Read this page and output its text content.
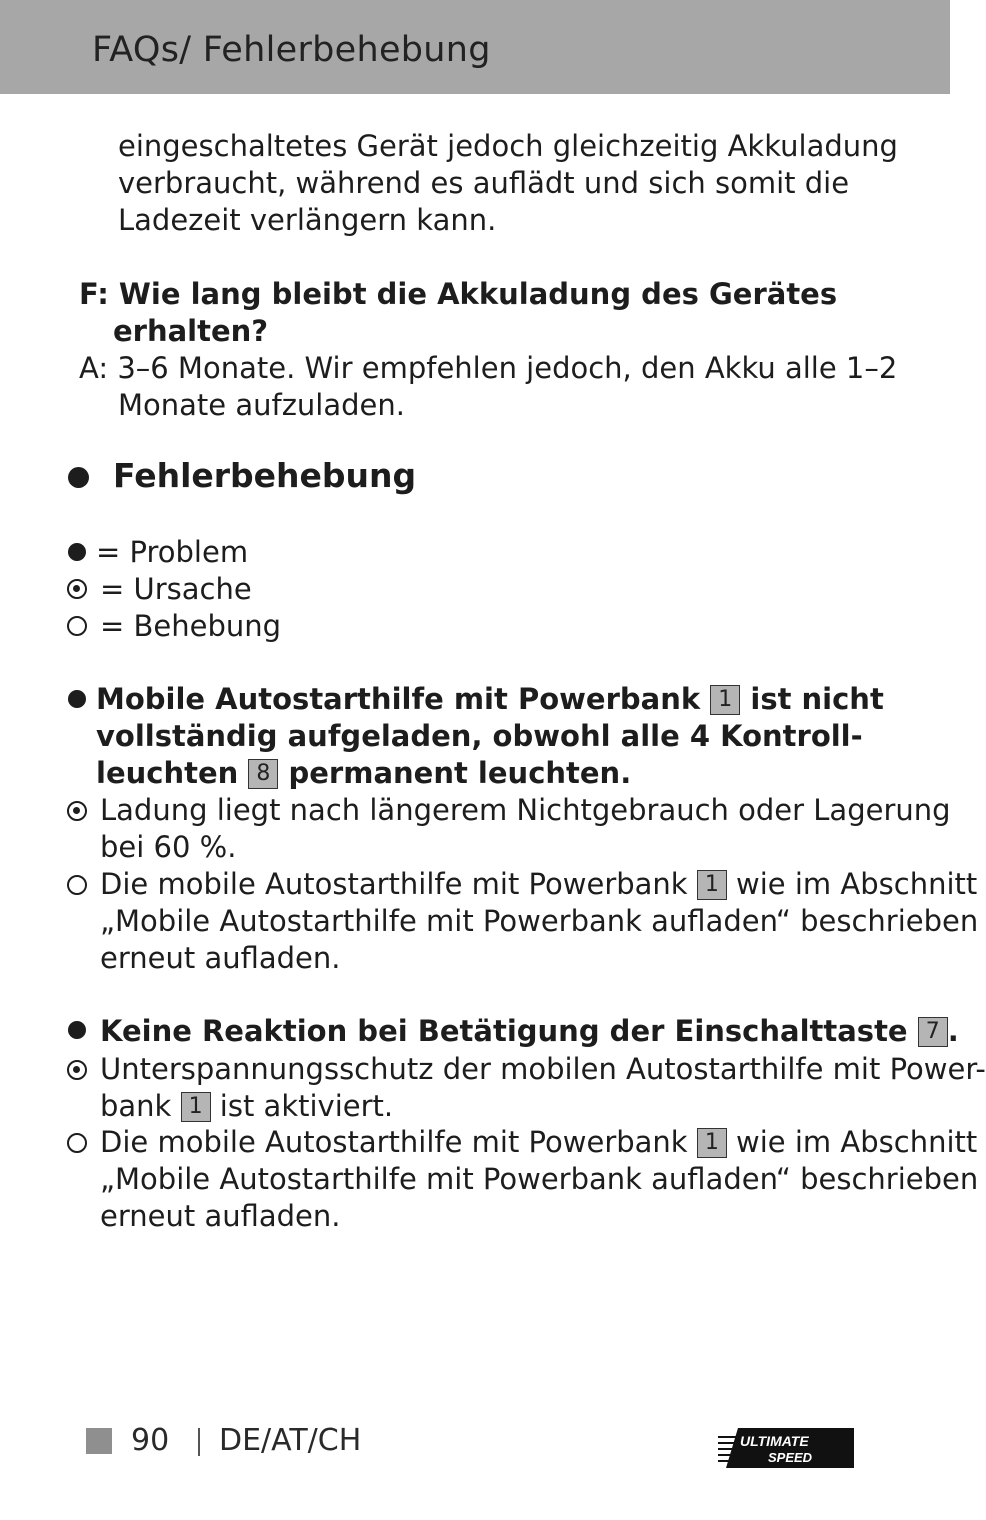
FAQs/ Fehlerbehebung
eingeschaltetes Gerät jedoch gleichzeitig Akkuladung
verbraucht, während es auflädt und sich somit die
Ladezeit verlängern kann.
F: Wie lang bleibt die Akkuladung des Gerätes
erhalten?
A: 3–6 Monate. Wir empfehlen jedoch, den Akku alle 1–2
Monate aufzuladen.
Fehlerbehebung
= Problem
= Ursache
= Behebung
Mobile Autostarthilfe mit Powerbank 1 ist nicht
vollständig aufgeladen, obwohl alle 4 Kontroll-
leuchten 8 permanent leuchten.
Ladung liegt nach längerem Nichtgebrauch oder Lagerung
bei 60 %.
Die mobile Autostarthilfe mit Powerbank 1 wie im Abschnitt
„Mobile Autostarthilfe mit Powerbank aufladen“ beschrieben
erneut aufladen.
Keine Reaktion bei Betätigung der Einschalttaste 7 .
Unterspannungsschutz der mobilen Autostarthilfe mit Power-
bank 1 ist aktiviert.
Die mobile Autostarthilfe mit Powerbank 1 wie im Abschnitt
„Mobile Autostarthilfe mit Powerbank aufladen“ beschrieben
erneut aufladen.
90 DE/AT/CH	ULTIMATE
SPEED
